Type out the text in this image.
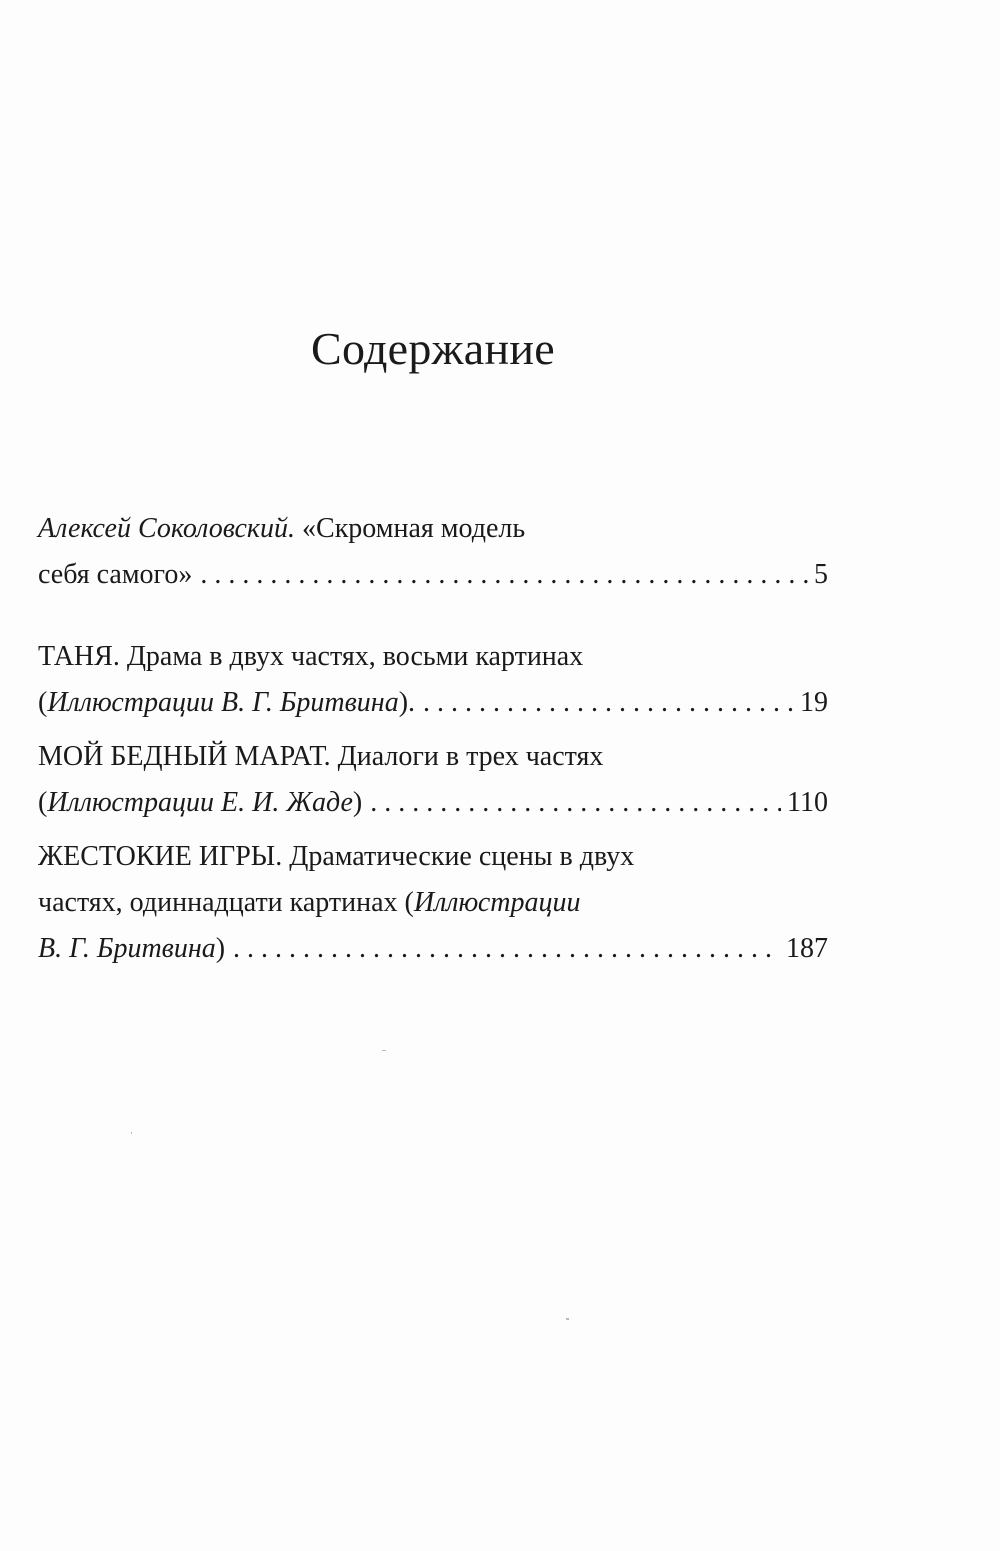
Содержание
Алексей Соколовский. «Скромная модель
себя самого» . . .	5
ТАНЯ. Драма в двух частях, восьми картинах
( Иллюстрации В. Г. Бритвина ). . . .	19
МОЙ БЕДНЫЙ МАРАТ. Диалоги в трех частях
( Иллюстрации Е. И. Жаде ) . . .	110
ЖЕСТОКИЕ ИГРЫ. Драматические сцены в двух
частях, одиннадцати картинах ( Иллюстрации
В. Г. Бритвина ) . . .	187
